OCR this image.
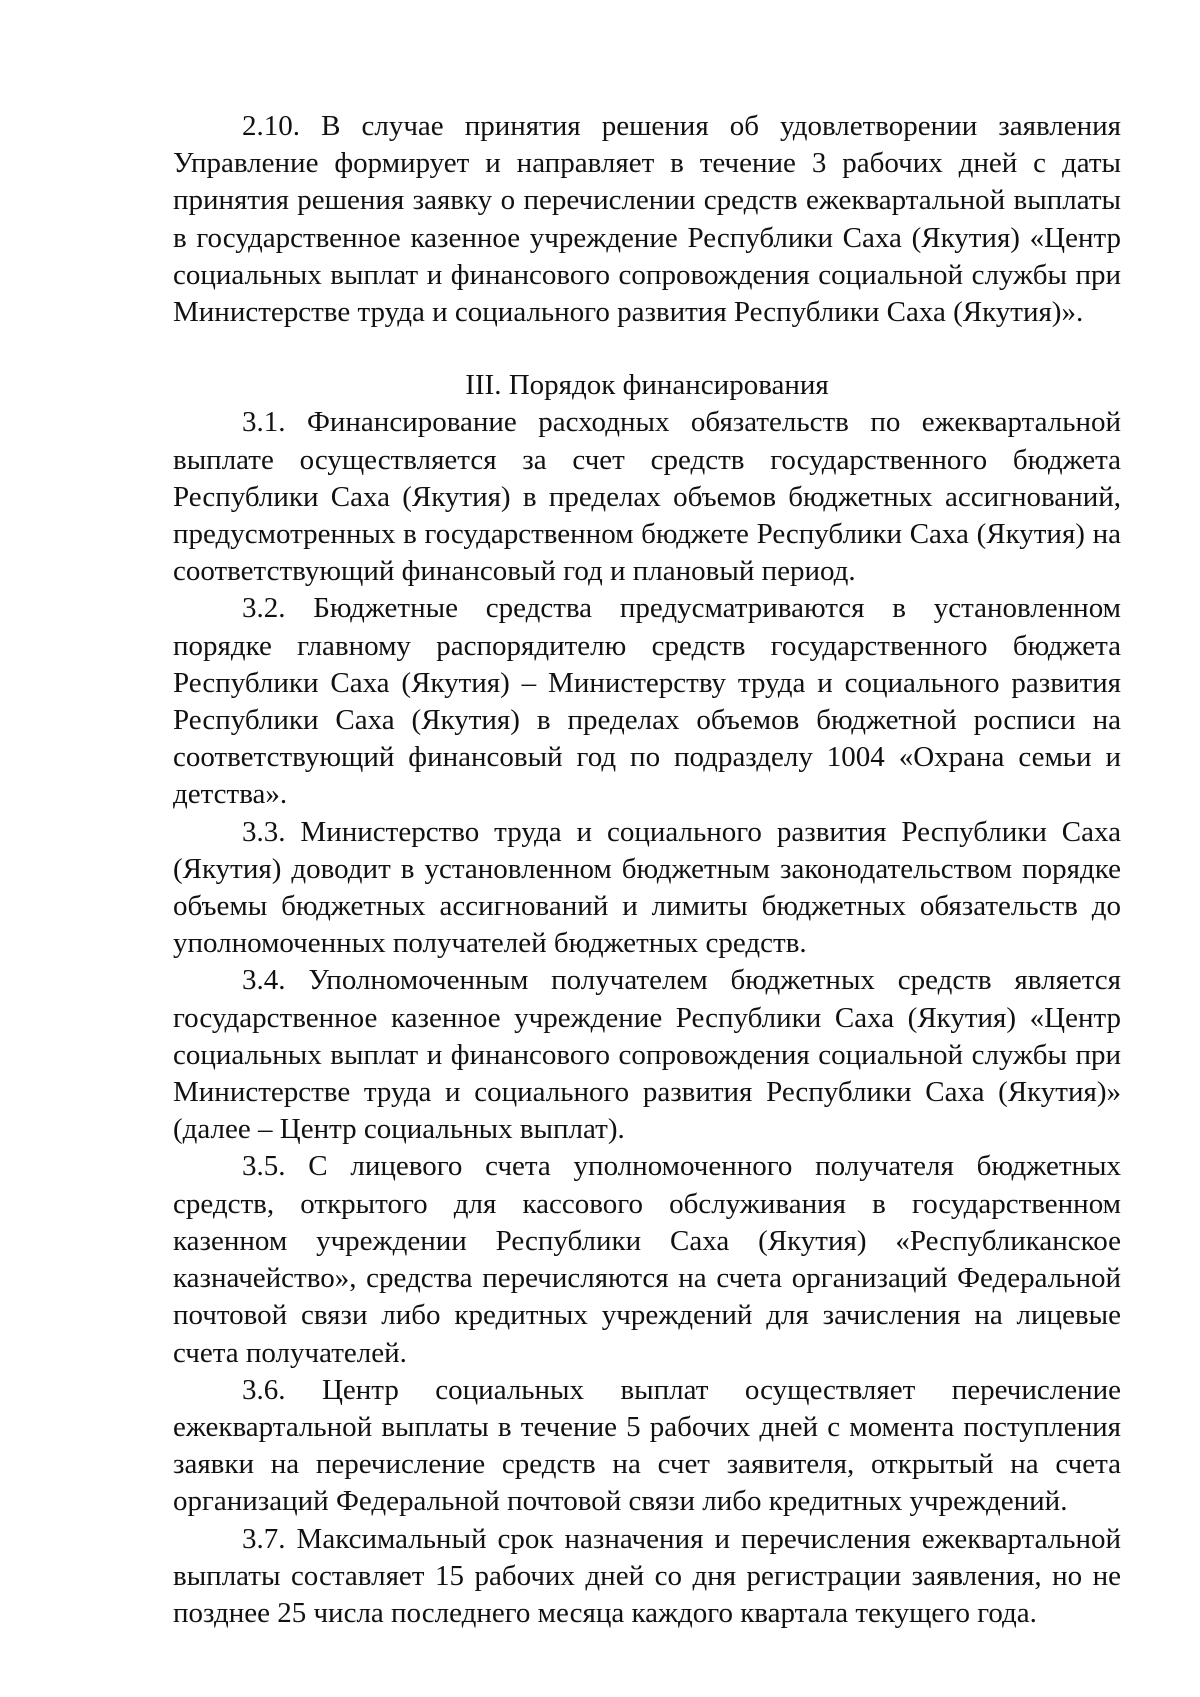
2.10. В случае принятия решения об удовлетворении заявления Управление формирует и направляет в течение 3 рабочих дней с даты принятия решения заявку о перечислении средств ежеквартальной выплаты в государственное казенное учреждение Республики Саха (Якутия) «Центр социальных выплат и финансового сопровождения социальной службы при Министерстве труда и социального развития Республики Саха (Якутия)».

III. Порядок финансирования

3.1. Финансирование расходных обязательств по ежеквартальной выплате осуществляется за счет средств государственного бюджета Республики Саха (Якутия) в пределах объемов бюджетных ассигнований, предусмотренных в государственном бюджете Республики Саха (Якутия) на соответствующий финансовый год и плановый период.

3.2. Бюджетные средства предусматриваются в установленном порядке главному распорядителю средств государственного бюджета Республики Саха (Якутия) – Министерству труда и социального развития Республики Саха (Якутия) в пределах объемов бюджетной росписи на соответствующий финансовый год по подразделу 1004 «Охрана семьи и детства».

3.3. Министерство труда и социального развития Республики Саха (Якутия) доводит в установленном бюджетным законодательством порядке объемы бюджетных ассигнований и лимиты бюджетных обязательств до уполномоченных получателей бюджетных средств.

3.4. Уполномоченным получателем бюджетных средств является государственное казенное учреждение Республики Саха (Якутия) «Центр социальных выплат и финансового сопровождения социальной службы при Министерстве труда и социального развития Республики Саха (Якутия)» (далее – Центр социальных выплат).

3.5. С лицевого счета уполномоченного получателя бюджетных средств, открытого для кассового обслуживания в государственном казенном учреждении Республики Саха (Якутия) «Республиканское казначейство», средства перечисляются на счета организаций Федеральной почтовой связи либо кредитных учреждений для зачисления на лицевые счета получателей.

3.6. Центр социальных выплат осуществляет перечисление ежеквартальной выплаты в течение 5 рабочих дней с момента поступления заявки на перечисление средств на счет заявителя, открытый на счета организаций Федеральной почтовой связи либо кредитных учреждений.

3.7. Максимальный срок назначения и перечисления ежеквартальной выплаты составляет 15 рабочих дней со дня регистрации заявления, но не позднее 25 числа последнего месяца каждого квартала текущего года.
